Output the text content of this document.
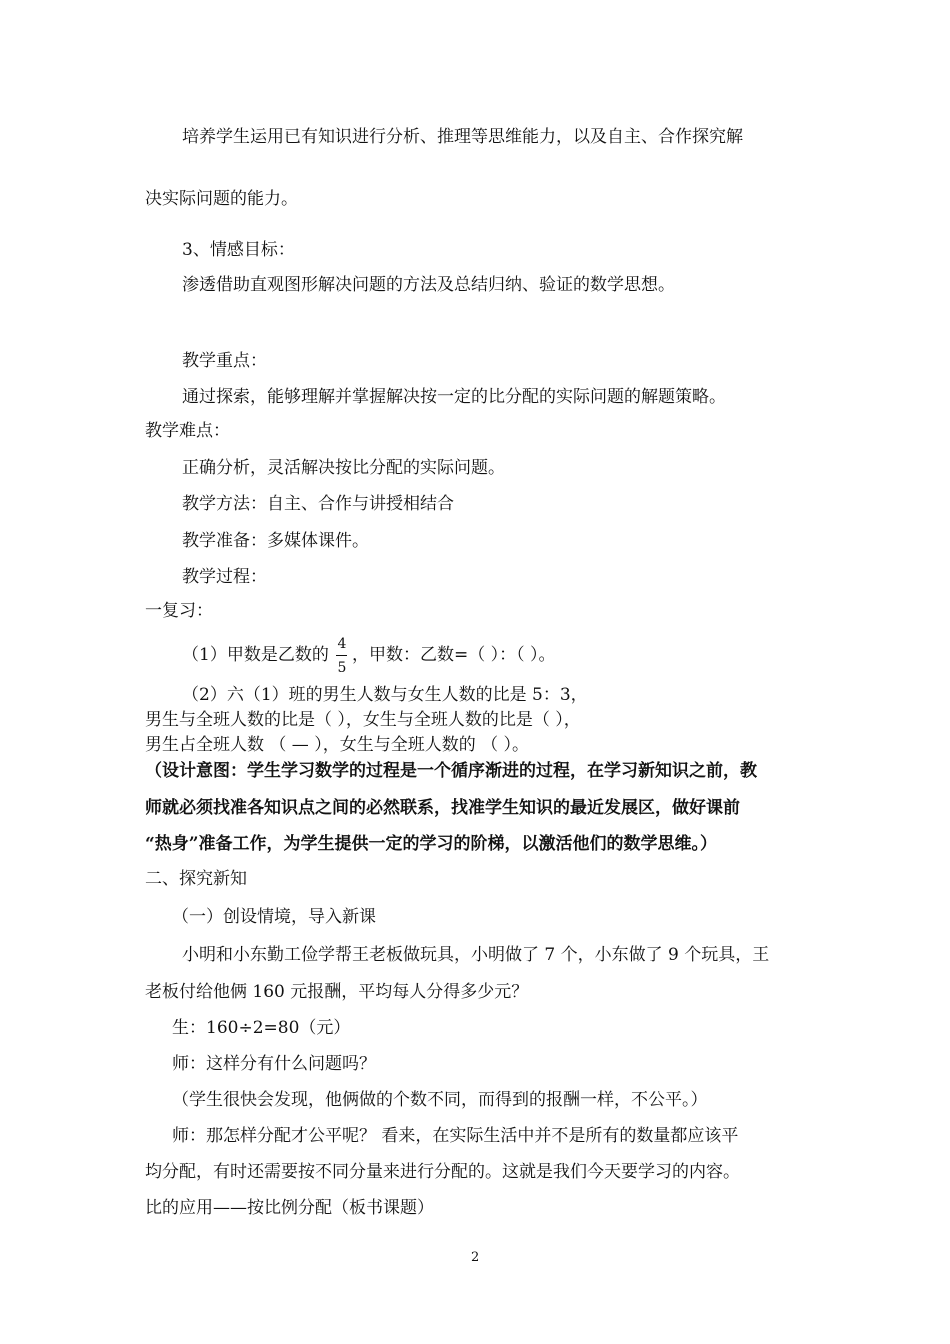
培养学生运用已有知识进行分析、推理等思维能力，以及自主、合作探究解
决实际问题的能力。
3、情感目标：
渗透借助直观图形解决问题的方法及总结归纳、验证的数学思想。
教学重点：
通过探索，能够理解并掌握解决按一定的比分配的实际问题的解题策略。
教学难点：
正确分析，灵活解决按比分配的实际问题。
教学方法：自主、合作与讲授相结合
教学准备：多媒体课件。
教学过程：
一复习：
（1）甲数是乙数的
4
5
，甲数：乙数=（ ）：（ ）。
（2）六（1）班的男生人数与女生人数的比是 5：3，
男生与全班人数的比是（ ），女生与全班人数的比是（ ），
男生占全班人数 （ — ），女生与全班人数的 （ ）。
（设计意图：学生学习数学的过程是一个循序渐进的过程，在学习新知识之前，教
师就必须找准各知识点之间的必然联系，找准学生知识的最近发展区，做好课前
“热身”准备工作，为学生提供一定的学习的阶梯，以激活他们的数学思维。）
二、探究新知
（一）创设情境，导入新课
小明和小东勤工俭学帮王老板做玩具，小明做了 7 个，小东做了 9 个玩具，王
老板付给他俩 160 元报酬，平均每人分得多少元？
生：160÷2=80（元）
师：这样分有什么问题吗？
（学生很快会发现，他俩做的个数不同，而得到的报酬一样，不公平。）
师：那怎样分配才公平呢？ 看来，在实际生活中并不是所有的数量都应该平
均分配，有时还需要按不同分量来进行分配的。这就是我们今天要学习的内容。
比的应用——按比例分配（板书课题）
2
